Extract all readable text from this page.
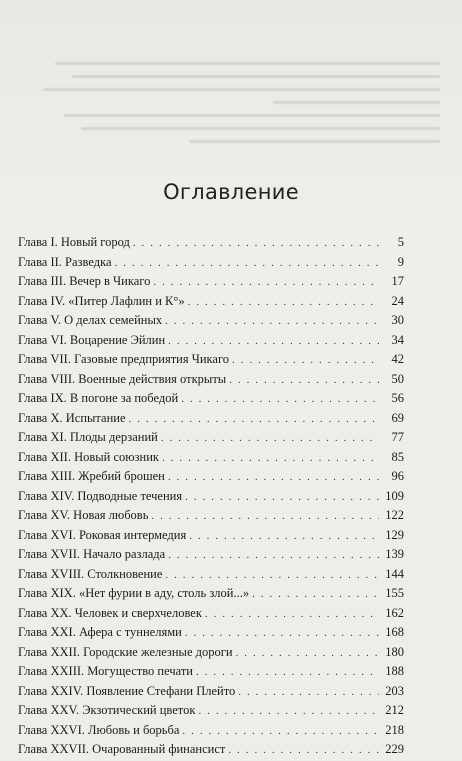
Оглавление
Глава I. Новый город . . .	5
Глава II. Разведка . . .	9
Глава III. Вечер в Чикаго . . .	17
Глава IV. «Питер Лафлин и К°» . . .	24
Глава V. О делах семейных . . .	30
Глава VI. Воцарение Эйлин . . .	34
Глава VII. Газовые предприятия Чикаго . . .	42
Глава VIII. Военные действия открыты . . .	50
Глава IX. В погоне за победой . . .	56
Глава X. Испытание . . .	69
Глава XI. Плоды дерзаний . . .	77
Глава XII. Новый союзник . . .	85
Глава XIII. Жребий брошен . . .	96
Глава XIV. Подводные течения . . .	109
Глава XV. Новая любовь . . .	122
Глава XVI. Роковая интермедия . . .	129
Глава XVII. Начало разлада . . .	139
Глава XVIII. Столкновение . . .	144
Глава XIX. «Нет фурии в аду, столь злой...» . . .	155
Глава XX. Человек и сверхчеловек . . .	162
Глава XXI. Афера с туннелями . . .	168
Глава XXII. Городские железные дороги . . .	180
Глава XXIII. Могущество печати . . .	188
Глава XXIV. Появление Стефани Плейто . . .	203
Глава XXV. Экзотический цветок . . .	212
Глава XXVI. Любовь и борьба . . .	218
Глава XXVII. Очарованный финансист . . .	229
